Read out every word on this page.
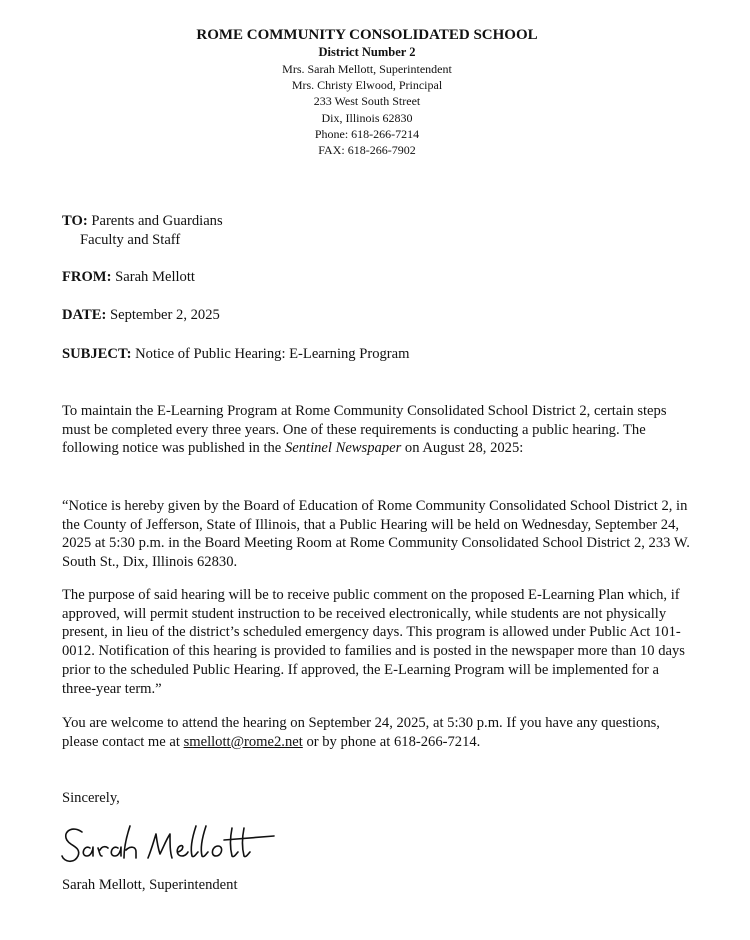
ROME COMMUNITY CONSOLIDATED SCHOOL
District Number 2
Mrs. Sarah Mellott, Superintendent
Mrs. Christy Elwood, Principal
233 West South Street
Dix, Illinois 62830
Phone: 618-266-7214
FAX: 618-266-7902
TO: Parents and Guardians
Faculty and Staff
FROM: Sarah Mellott
DATE: September 2, 2025
SUBJECT: Notice of Public Hearing: E-Learning Program

To maintain the E-Learning Program at Rome Community Consolidated School District 2, certain steps must be completed every three years. One of these requirements is conducting a public hearing. The following notice was published in the Sentinel Newspaper on August 28, 2025:

“Notice is hereby given by the Board of Education of Rome Community Consolidated School District 2, in the County of Jefferson, State of Illinois, that a Public Hearing will be held on Wednesday, September 24, 2025 at 5:30 p.m. in the Board Meeting Room at Rome Community Consolidated School District 2, 233 W. South St., Dix, Illinois 62830.

The purpose of said hearing will be to receive public comment on the proposed E-Learning Plan which, if approved, will permit student instruction to be received electronically, while students are not physically present, in lieu of the district’s scheduled emergency days. This program is allowed under Public Act 101-0012. Notification of this hearing is provided to families and is posted in the newspaper more than 10 days prior to the scheduled Public Hearing. If approved, the E-Learning Program will be implemented for a three-year term.”

You are welcome to attend the hearing on September 24, 2025, at 5:30 p.m. If you have any questions, please contact me at smellott@rome2.net or by phone at 618-266-7214.

Sincerely,
Sarah Mellott, Superintendent
